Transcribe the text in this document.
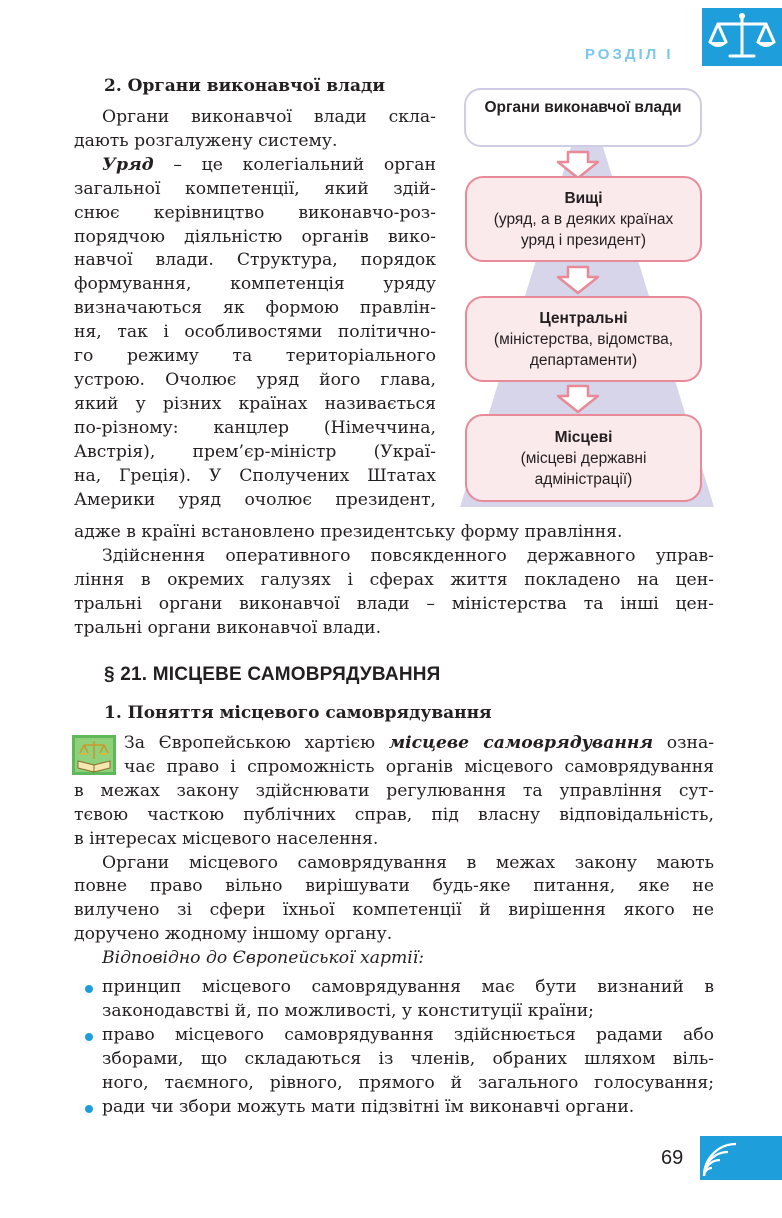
РОЗДІЛ І
2. Органи виконавчої влади
Органи виконавчої влади
Вищі
(уряд, а в деяких країнах
уряд і президент)
Центральні
(міністерства, відомства,
департаменти)
Місцеві
(місцеві державні
адміністрації)
Органи виконавчої влади скла-
дають розгалужену систему.
Уряд – це колегіальний орган
загальної компетенції, який здій-
снює керівництво виконавчо-роз-
порядчою діяльністю органів вико-
навчої влади. Структура, порядок
формування, компетенція уряду
визначаються як формою правлін-
ня, так і особливостями політично-
го режиму та територіального
устрою. Очолює уряд його глава,
який у різних країнах називається
по-різному: канцлер (Німеччина,
Австрія), прем’єр-міністр (Украї-
на, Греція). У Сполучених Штатах
Америки уряд очолює президент,
адже в країні встановлено президентську форму правління.
Здійснення оперативного повсякденного державного управ-
ління в окремих галузях і сферах життя покладено на цен-
тральні органи виконавчої влади – міністерства та інші цен-
тральні органи виконавчої влади.
§ 21. МІСЦЕВЕ САМОВРЯДУВАННЯ
1. Поняття місцевого самоврядування
За Європейською хартією місцеве самоврядування озна-
чає право і спроможність органів місцевого самоврядування
в межах закону здійснювати регулювання та управління сут-
тєвою часткою публічних справ, під власну відповідальність,
в інтересах місцевого населення.
Органи місцевого самоврядування в межах закону мають
повне право вільно вирішувати будь-яке питання, яке не
вилучено зі сфери їхньої компетенції й вирішення якого не
доручено жодному іншому органу.
Відповідно до Європейської хартії:
принцип місцевого самоврядування має бути визнаний в
законодавстві й, по можливості, у конституції країни;
право місцевого самоврядування здійснюється радами або
зборами, що складаються із членів, обраних шляхом віль-
ного, таємного, рівного, прямого й загального голосування;
ради чи збори можуть мати підзвітні їм виконавчі органи.
69
